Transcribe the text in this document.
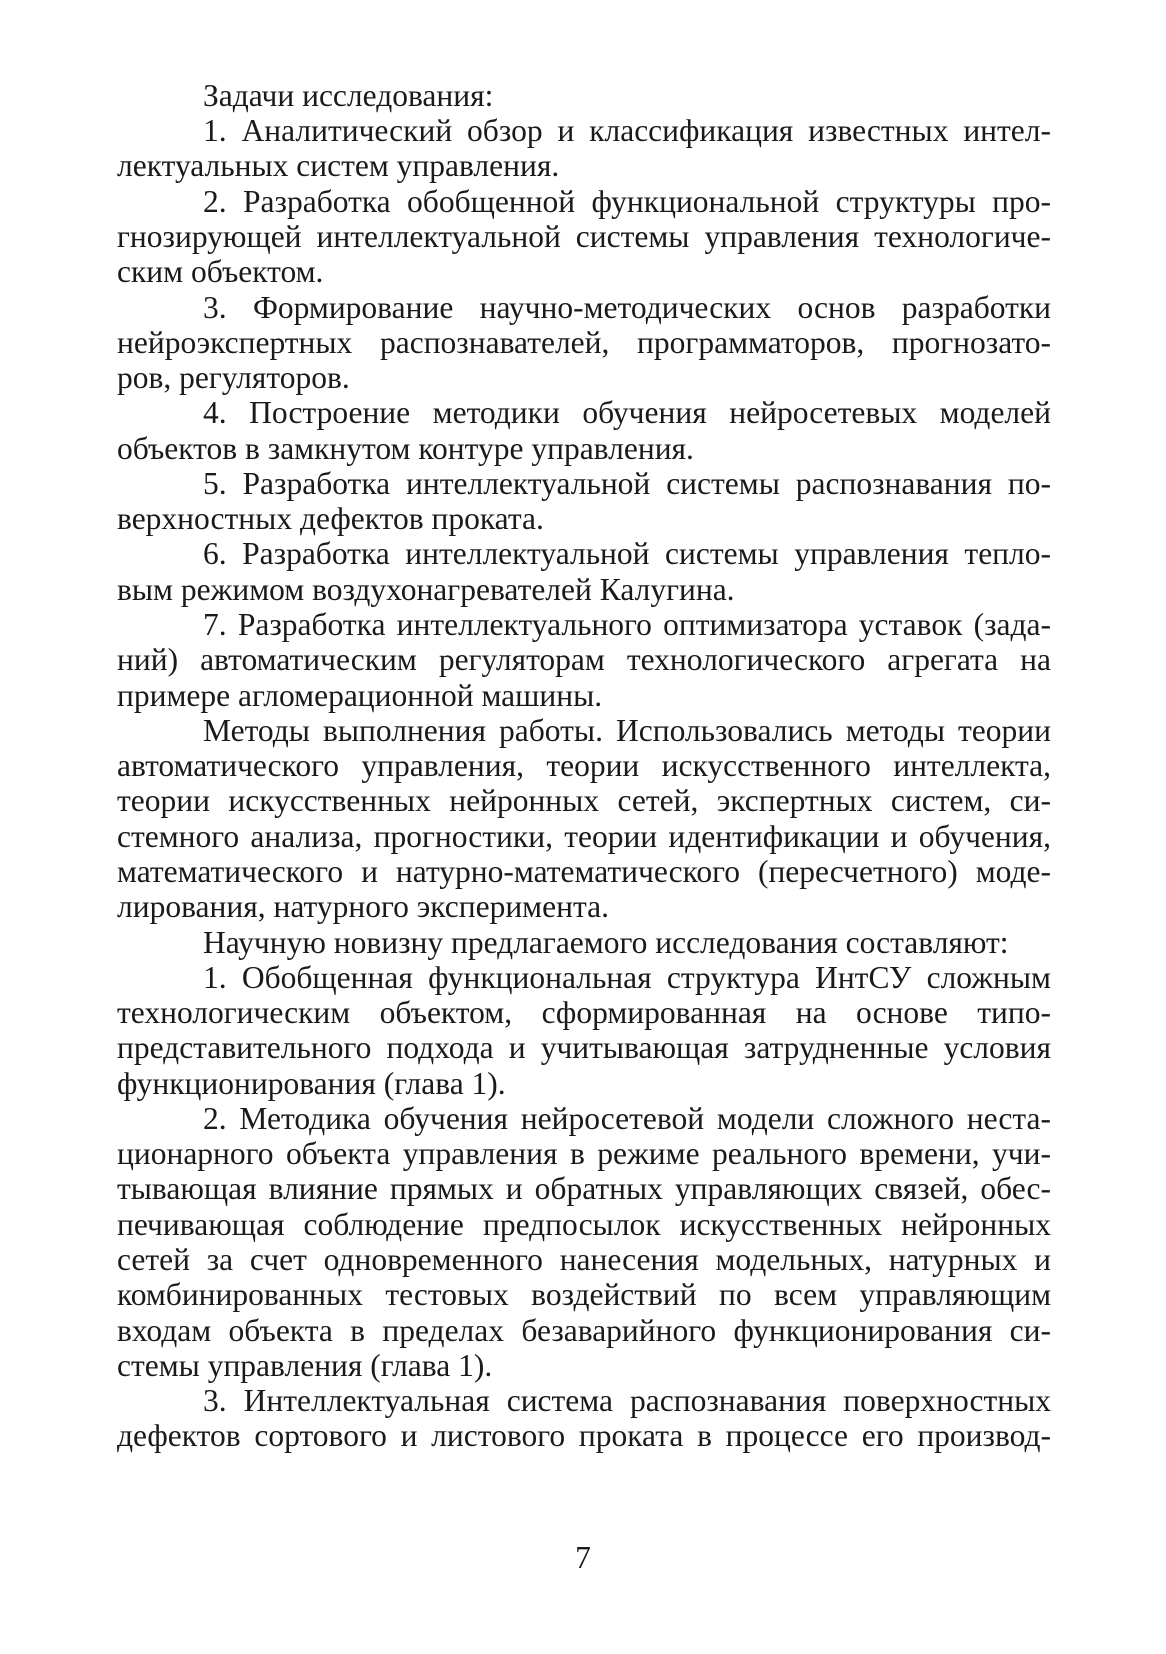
Задачи исследования:
1. Аналитический обзор и классификация известных интел-
лектуальных систем управления.
2. Разработка обобщенной функциональной структуры про-
гнозирующей интеллектуальной системы управления технологиче-
ским объектом.
3. Формирование научно-методических основ разработки
нейроэкспертных распознавателей, программаторов, прогнозато-
ров, регуляторов.
4. Построение методики обучения нейросетевых моделей
объектов в замкнутом контуре управления.
5. Разработка интеллектуальной системы распознавания по-
верхностных дефектов проката.
6. Разработка интеллектуальной системы управления тепло-
вым режимом воздухонагревателей Калугина.
7. Разработка интеллектуального оптимизатора уставок (зада-
ний) автоматическим регуляторам технологического агрегата на
примере агломерационной машины.
Методы выполнения работы. Использовались методы теории
автоматического управления, теории искусственного интеллекта,
теории искусственных нейронных сетей, экспертных систем, си-
стемного анализа, прогностики, теории идентификации и обучения,
математического и натурно-математического (пересчетного) моде-
лирования, натурного эксперимента.
Научную новизну предлагаемого исследования составляют:
1. Обобщенная функциональная структура ИнтСУ сложным
технологическим объектом, сформированная на основе типо-
представительного подхода и учитывающая затрудненные условия
функционирования (глава 1).
2. Методика обучения нейросетевой модели сложного неста-
ционарного объекта управления в режиме реального времени, учи-
тывающая влияние прямых и обратных управляющих связей, обес-
печивающая соблюдение предпосылок искусственных нейронных
сетей за счет одновременного нанесения модельных, натурных и
комбинированных тестовых воздействий по всем управляющим
входам объекта в пределах безаварийного функционирования си-
стемы управления (глава 1).
3. Интеллектуальная система распознавания поверхностных
дефектов сортового и листового проката в процессе его производ-
7
